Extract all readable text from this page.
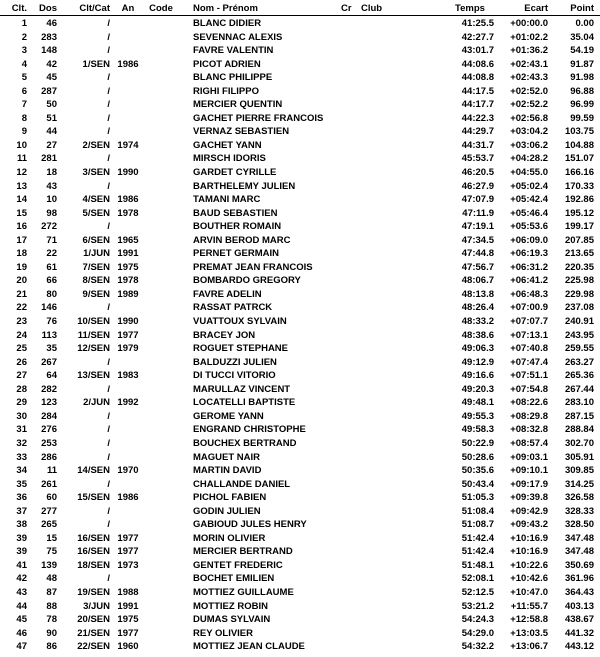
Clt.	Dos	Clt/Cat	An	Code	Nom - Prénom	Cr Club	Temps	Ecart	Point
1	46	/	BLANC DIDIER	41:25.5	+00:00.0	0.00
2	283	/	SEVENNAC ALEXIS	42:27.7	+01:02.2	35.04
3	148	/	FAVRE VALENTIN	43:01.7	+01:36.2	54.19
4	42	1/SEN 1986	PICOT ADRIEN	44:08.6	+02:43.1	91.87
5	45	/	BLANC PHILIPPE	44:08.8	+02:43.3	91.98
6	287	/	RIGHI FILIPPO	44:17.5	+02:52.0	96.88
7	50	/	MERCIER QUENTIN	44:17.7	+02:52.2	96.99
8	51	/	GACHET PIERRE FRANCOIS	44:22.3	+02:56.8	99.59
9	44	/	VERNAZ SEBASTIEN	44:29.7	+03:04.2	103.75
10	27	2/SEN 1974	GACHET YANN	44:31.7	+03:06.2	104.88
11	281	/	MIRSCH IDORIS	45:53.7	+04:28.2	151.07
12	18	3/SEN 1990	GARDET CYRILLE	46:20.5	+04:55.0	166.16
13	43	/	BARTHELEMY JULIEN	46:27.9	+05:02.4	170.33
14	10	4/SEN 1986	TAMANI MARC	47:07.9	+05:42.4	192.86
15	98	5/SEN 1978	BAUD SEBASTIEN	47:11.9	+05:46.4	195.12
16	272	/	BOUTHER ROMAIN	47:19.1	+05:53.6	199.17
17	71	6/SEN 1965	ARVIN BEROD MARC	47:34.5	+06:09.0	207.85
18	22	1/JUN 1991	PERNET GERMAIN	47:44.8	+06:19.3	213.65
19	61	7/SEN 1975	PREMAT JEAN FRANCOIS	47:56.7	+06:31.2	220.35
20	66	8/SEN 1978	BOMBARDO GREGORY	48:06.7	+06:41.2	225.98
21	80	9/SEN 1989	FAVRE ADELIN	48:13.8	+06:48.3	229.98
22	146	/	RASSAT PATRCK	48:26.4	+07:00.9	237.08
23	76	10/SEN 1990	VUATTOUX SYLVAIN	48:33.2	+07:07.7	240.91
24	113	11/SEN 1977	BRACEY JON	48:38.6	+07:13.1	243.95
25	35	12/SEN 1979	ROGUET STEPHANE	49:06.3	+07:40.8	259.55
26	267	/	BALDUZZI JULIEN	49:12.9	+07:47.4	263.27
27	64	13/SEN 1983	DI TUCCI VITORIO	49:16.6	+07:51.1	265.36
28	282	/	MARULLAZ VINCENT	49:20.3	+07:54.8	267.44
29	123	2/JUN 1992	LOCATELLI BAPTISTE	49:48.1	+08:22.6	283.10
30	284	/	GEROME YANN	49:55.3	+08:29.8	287.15
31	276	/	ENGRAND CHRISTOPHE	49:58.3	+08:32.8	288.84
32	253	/	BOUCHEX BERTRAND	50:22.9	+08:57.4	302.70
33	286	/	MAGUET NAIR	50:28.6	+09:03.1	305.91
34	11	14/SEN 1970	MARTIN DAVID	50:35.6	+09:10.1	309.85
35	261	/	CHALLANDE DANIEL	50:43.4	+09:17.9	314.25
36	60	15/SEN 1986	PICHOL FABIEN	51:05.3	+09:39.8	326.58
37	277	/	GODIN JULIEN	51:08.4	+09:42.9	328.33
38	265	/	GABIOUD JULES HENRY	51:08.7	+09:43.2	328.50
39	15	16/SEN 1977	MORIN OLIVIER	51:42.4	+10:16.9	347.48
39	75	16/SEN 1977	MERCIER BERTRAND	51:42.4	+10:16.9	347.48
41	139	18/SEN 1973	GENTET FREDERIC	51:48.1	+10:22.6	350.69
42	48	/	BOCHET EMILIEN	52:08.1	+10:42.6	361.96
43	87	19/SEN 1988	MOTTIEZ GUILLAUME	52:12.5	+10:47.0	364.43
44	88	3/JUN 1991	MOTTIEZ ROBIN	53:21.2	+11:55.7	403.13
45	78	20/SEN 1975	DUMAS SYLVAIN	54:24.3	+12:58.8	438.67
46	90	21/SEN 1977	REY OLIVIER	54:29.0	+13:03.5	441.32
47	86	22/SEN 1960	MOTTIEZ JEAN CLAUDE	54:32.2	+13:06.7	443.12
